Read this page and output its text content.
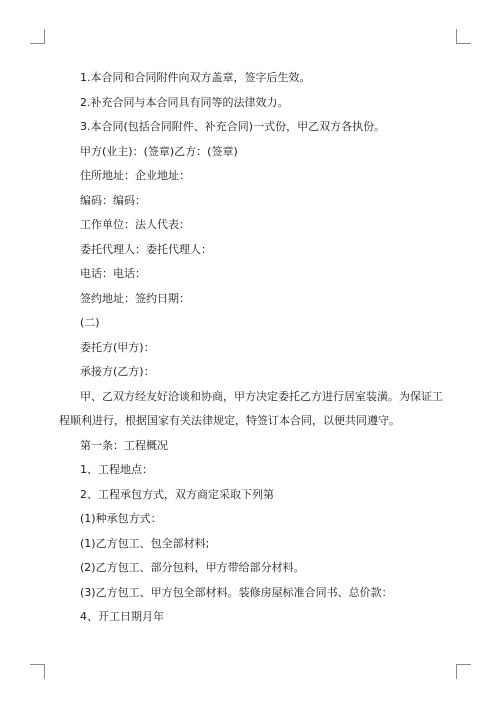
1.本合同和合同附件向双方盖章，签字后生效。

2.补充合同与本合同具有同等的法律效力。

3.本合同(包括合同附件、补充合同)一式份，甲乙双方各执份。

甲方(业主)：(签章)乙方：(签章)

住所地址：企业地址：

编码：编码：

工作单位：法人代表：

委托代理人：委托代理人：

电话：电话：

签约地址：签约日期：

(二)

委托方(甲方)：

承接方(乙方)：

甲、乙双方经友好洽谈和协商，甲方决定委托乙方进行居室装潢。为保证工程顺利进行，根据国家有关法律规定，特签订本合同，以便共同遵守。

第一条：工程概况

1、工程地点：

2、工程承包方式，双方商定采取下列第

(1)种承包方式：

(1)乙方包工、包全部材料;

(2)乙方包工、部分包料，甲方带给部分材料。

(3)乙方包工、甲方包全部材料。装修房屋标准合同书、总价款：

4、开工日期月年
